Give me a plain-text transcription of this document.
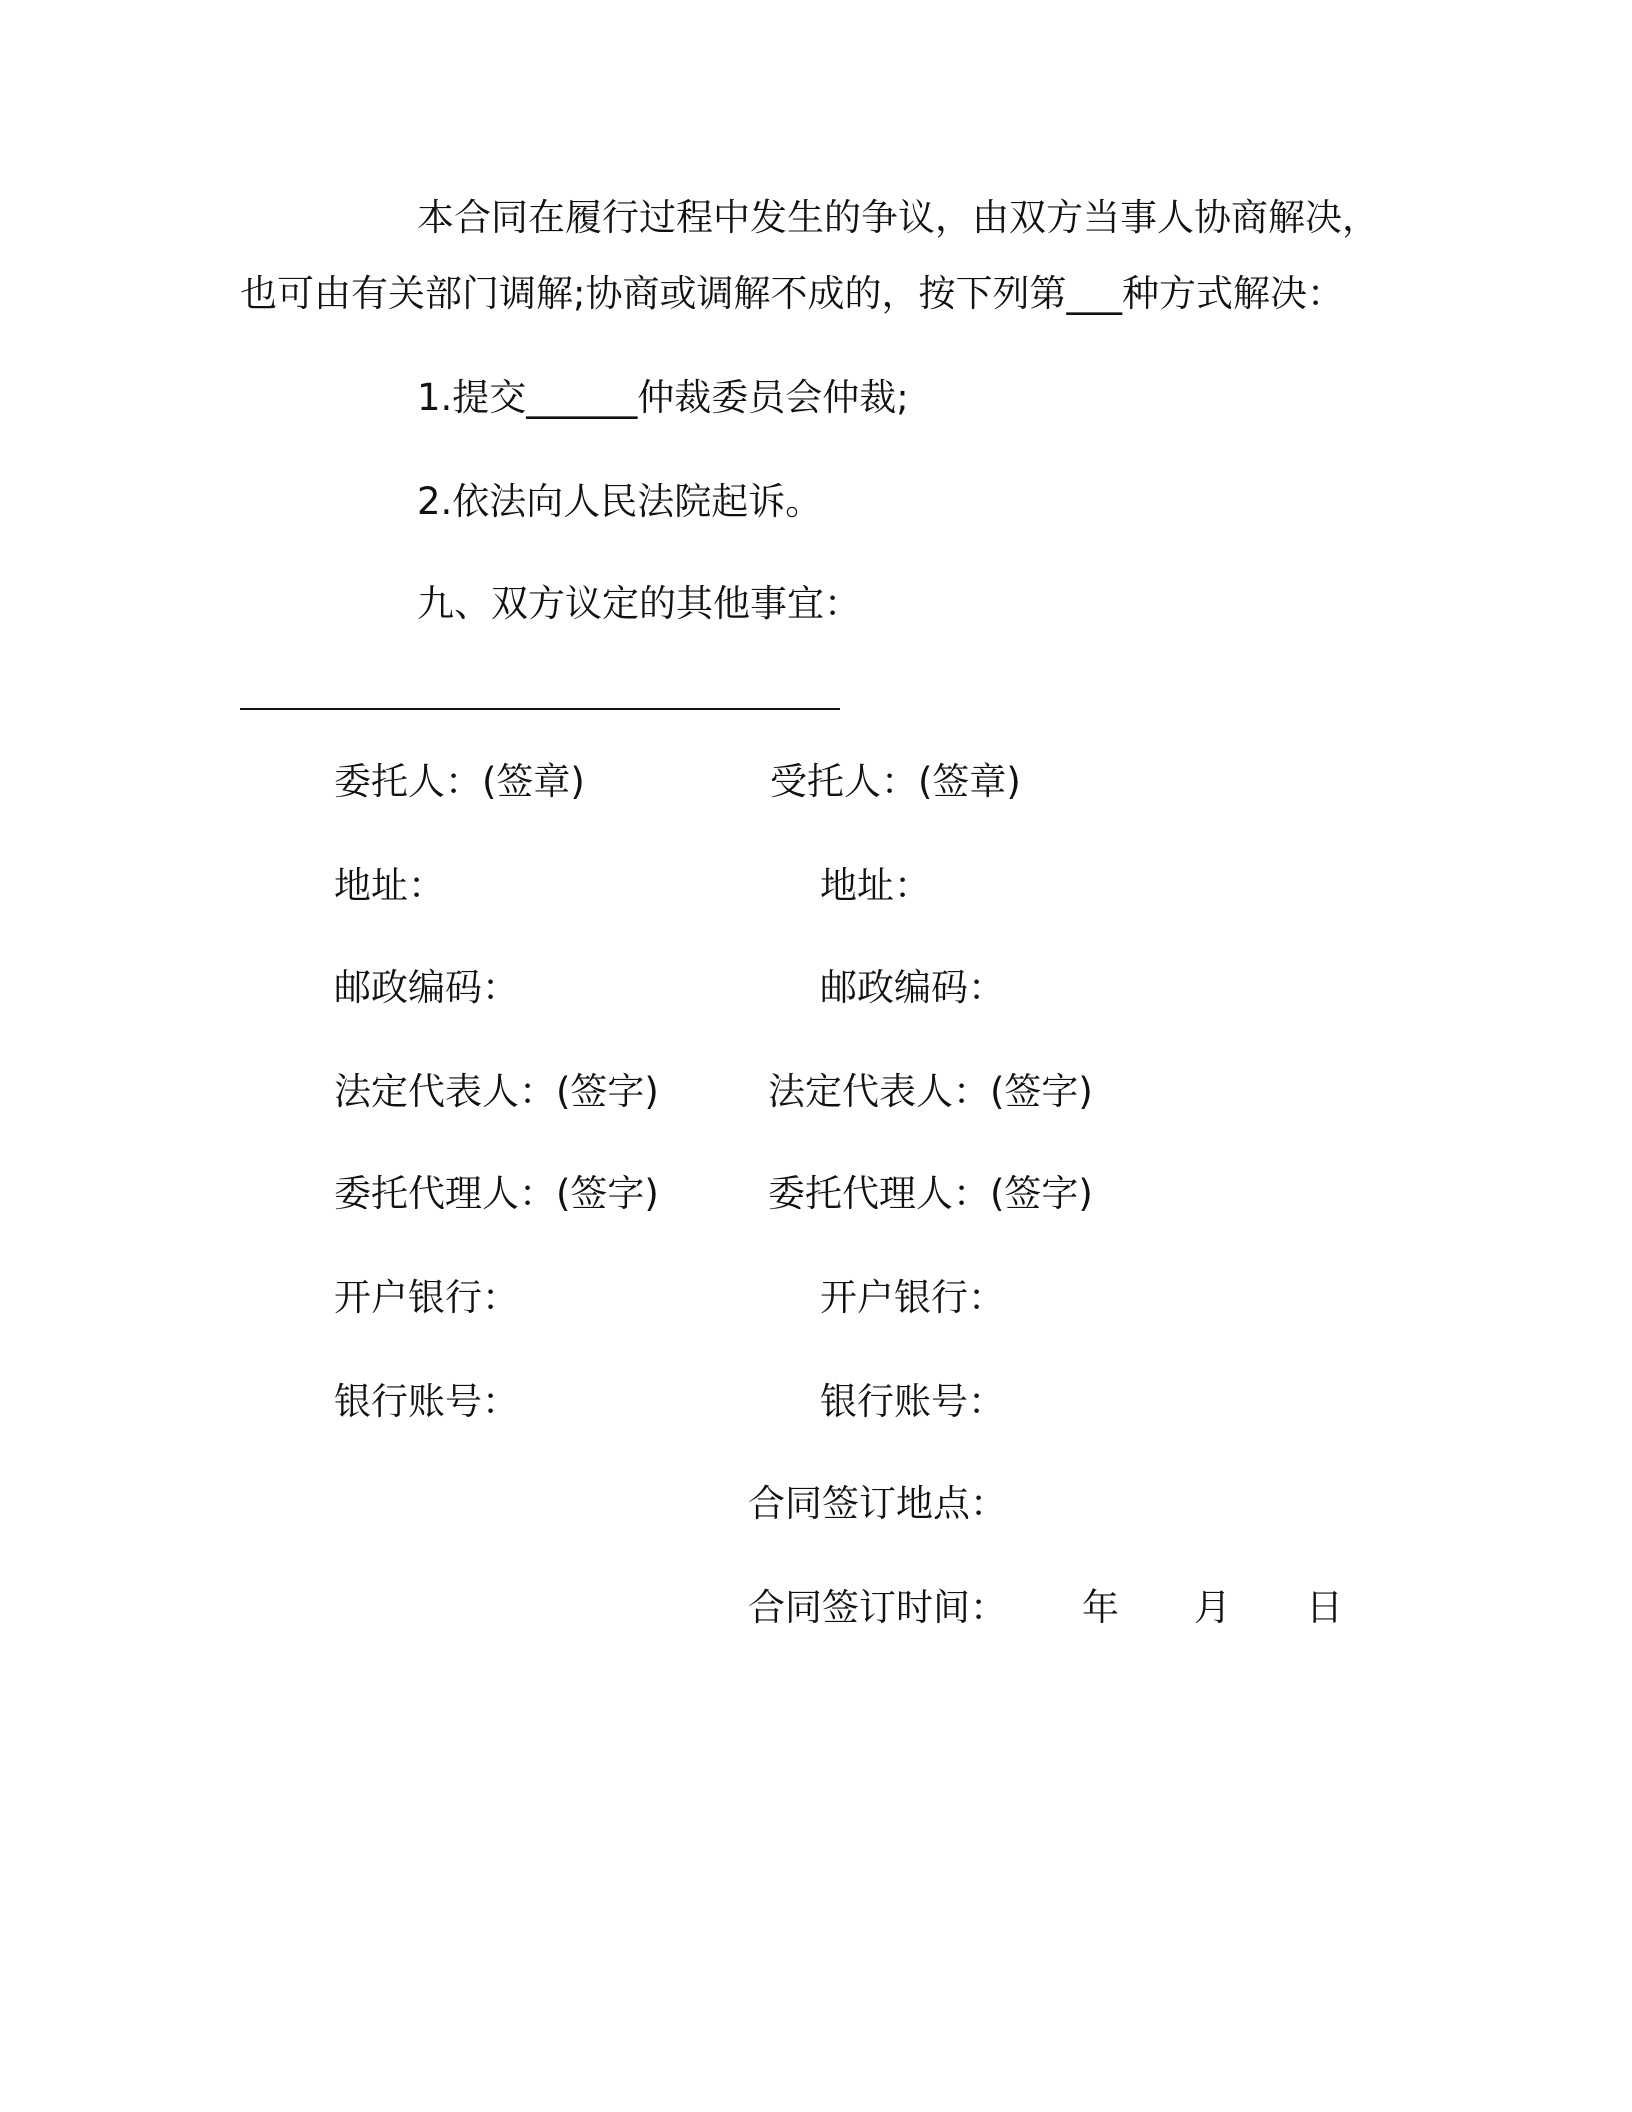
本合同在履行过程中发生的争议，由双方当事人协商解决，
也可由有关部门调解;协商或调解不成的，按下列第___种方式解决：
1.提交______仲裁委员会仲裁;
2.依法向人民法院起诉。
九、双方议定的其他事宜：
委托人：(签章)	受托人：(签章)
地址：	地址：
邮政编码：	邮政编码：
法定代表人：(签字)	法定代表人：(签字)
委托代理人：(签字)	委托代理人：(签字)
开户银行：	开户银行：
银行账号：	银行账号：
合同签订地点：
合同签订时间： 年 月 日
